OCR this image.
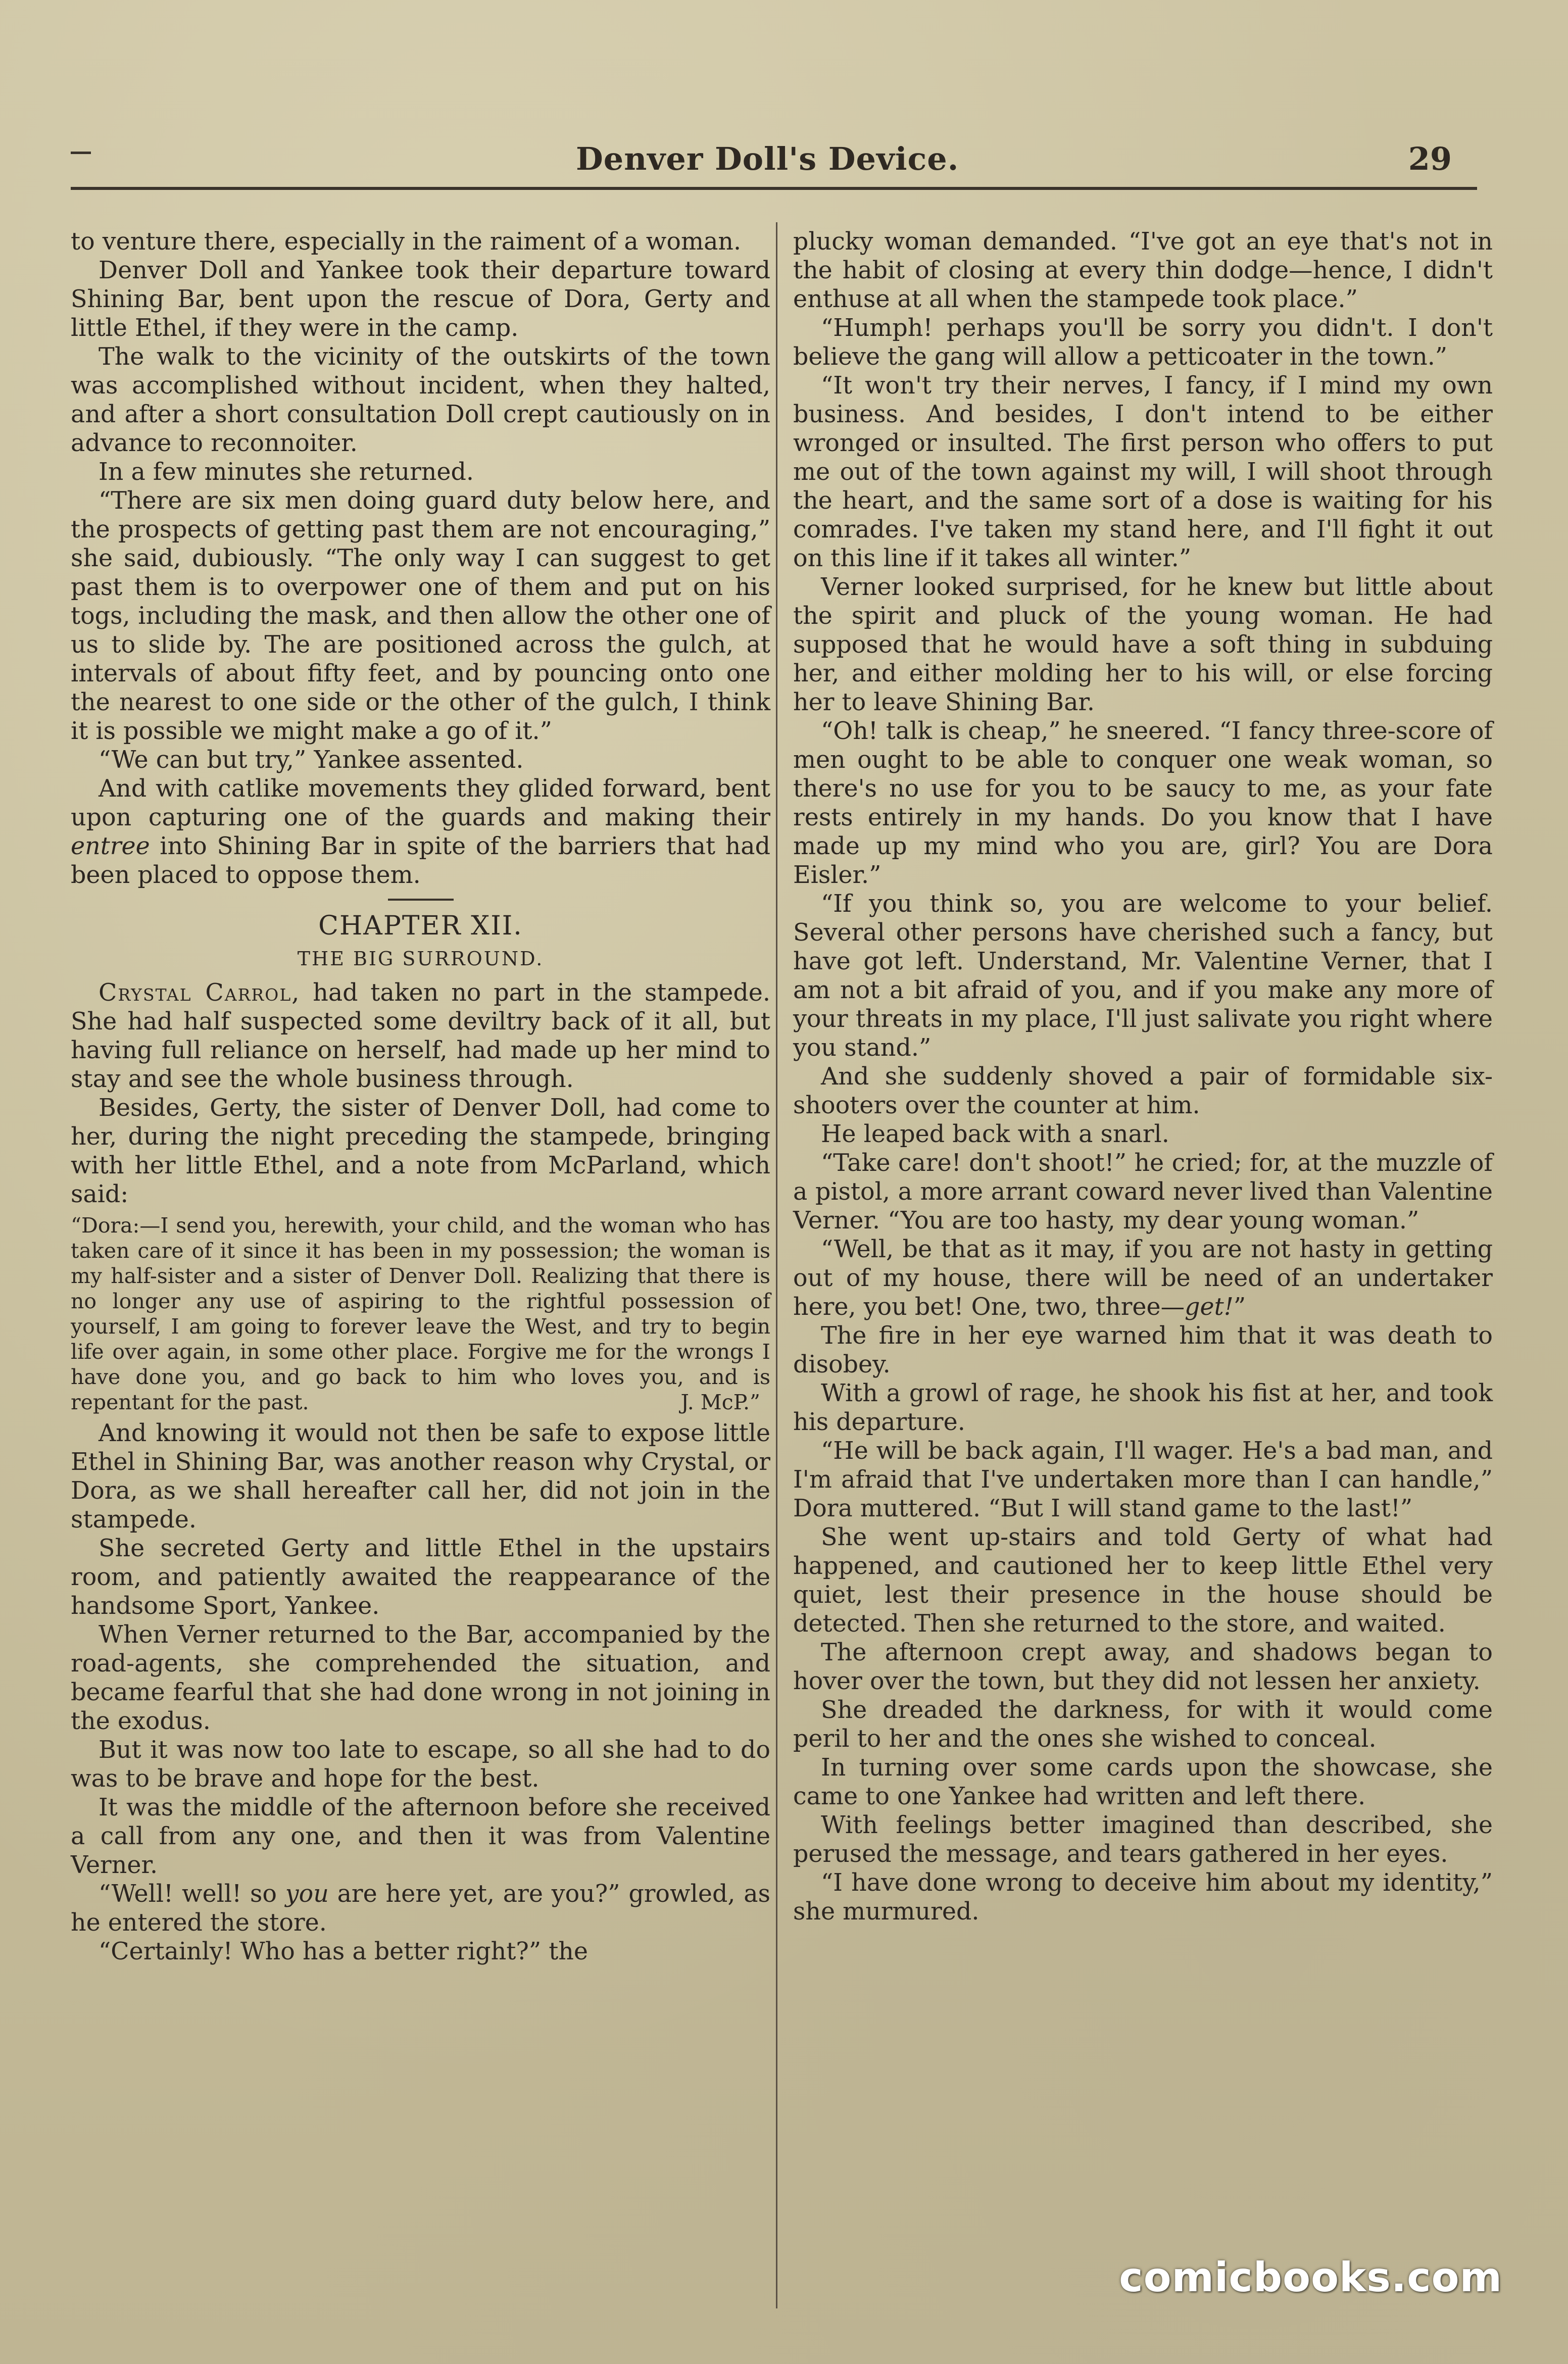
Denver Doll's Device.	29

to venture there, especially in the raiment of a woman.

Denver Doll and Yankee took their departure toward Shining Bar, bent upon the rescue of Dora, Gerty and little Ethel, if they were in the camp.

The walk to the vicinity of the outskirts of the town was accomplished without incident, when they halted, and after a short consultation Doll crept cautiously on in advance to reconnoiter.

In a few minutes she returned.

“There are six men doing guard duty below here, and the prospects of getting past them are not encouraging,” she said, dubiously. “The only way I can suggest to get past them is to overpower one of them and put on his togs, including the mask, and then allow the other one of us to slide by. The are positioned across the gulch, at intervals of about fifty feet, and by pouncing onto one the nearest to one side or the other of the gulch, I think it is possible we might make a go of it.”

“We can but try,” Yankee assented.

And with catlike movements they glided forward, bent upon capturing one of the guards and making their entree into Shining Bar in spite of the barriers that had been placed to oppose them.

CHAPTER XII.
THE BIG SURROUND.

Crystal Carrol, had taken no part in the stampede. She had half suspected some deviltry back of it all, but having full reliance on herself, had made up her mind to stay and see the whole business through.

Besides, Gerty, the sister of Denver Doll, had come to her, during the night preceding the stampede, bringing with her little Ethel, and a note from McParland, which said:

“Dora:—I send you, herewith, your child, and the woman who has taken care of it since it has been in my possession; the woman is my half-sister and a sister of Denver Doll. Realizing that there is no longer any use of aspiring to the rightful possession of yourself, I am going to forever leave the West, and try to begin life over again, in some other place. Forgive me for the wrongs I have done you, and go back to him who loves you, and is repentant for the past.	J. McP.”

And knowing it would not then be safe to expose little Ethel in Shining Bar, was another reason why Crystal, or Dora, as we shall hereafter call her, did not join in the stampede.

She secreted Gerty and little Ethel in the upstairs room, and patiently awaited the reappearance of the handsome Sport, Yankee.

When Verner returned to the Bar, accompanied by the road-agents, she comprehended the situation, and became fearful that she had done wrong in not joining in the exodus.

But it was now too late to escape, so all she had to do was to be brave and hope for the best.

It was the middle of the afternoon before she received a call from any one, and then it was from Valentine Verner.

“Well! well! so you are here yet, are you?” growled, as he entered the store.

“Certainly! Who has a better right?” the

plucky woman demanded. “I've got an eye that's not in the habit of closing at every thin dodge—hence, I didn't enthuse at all when the stampede took place.”

“Humph! perhaps you'll be sorry you didn't. I don't believe the gang will allow a petticoater in the town.”

“It won't try their nerves, I fancy, if I mind my own business. And besides, I don't intend to be either wronged or insulted. The first person who offers to put me out of the town against my will, I will shoot through the heart, and the same sort of a dose is waiting for his comrades. I've taken my stand here, and I'll fight it out on this line if it takes all winter.”

Verner looked surprised, for he knew but little about the spirit and pluck of the young woman. He had supposed that he would have a soft thing in subduing her, and either molding her to his will, or else forcing her to leave Shining Bar.

“Oh! talk is cheap,” he sneered. “I fancy three-score of men ought to be able to conquer one weak woman, so there's no use for you to be saucy to me, as your fate rests entirely in my hands. Do you know that I have made up my mind who you are, girl? You are Dora Eisler.”

“If you think so, you are welcome to your belief. Several other persons have cherished such a fancy, but have got left. Understand, Mr. Valentine Verner, that I am not a bit afraid of you, and if you make any more of your threats in my place, I'll just salivate you right where you stand.”

And she suddenly shoved a pair of formidable six-shooters over the counter at him.

He leaped back with a snarl.

“Take care! don't shoot!” he cried; for, at the muzzle of a pistol, a more arrant coward never lived than Valentine Verner. “You are too hasty, my dear young woman.”

“Well, be that as it may, if you are not hasty in getting out of my house, there will be need of an undertaker here, you bet! One, two, three—get!”

The fire in her eye warned him that it was death to disobey.

With a growl of rage, he shook his fist at her, and took his departure.

“He will be back again, I'll wager. He's a bad man, and I'm afraid that I've undertaken more than I can handle,” Dora muttered. “But I will stand game to the last!”

She went up-stairs and told Gerty of what had happened, and cautioned her to keep little Ethel very quiet, lest their presence in the house should be detected. Then she returned to the store, and waited.

The afternoon crept away, and shadows began to hover over the town, but they did not lessen her anxiety.

She dreaded the darkness, for with it would come peril to her and the ones she wished to conceal.

In turning over some cards upon the showcase, she came to one Yankee had written and left there.

With feelings better imagined than described, she perused the message, and tears gathered in her eyes.

“I have done wrong to deceive him about my identity,” she murmured.

comicbooks.com
